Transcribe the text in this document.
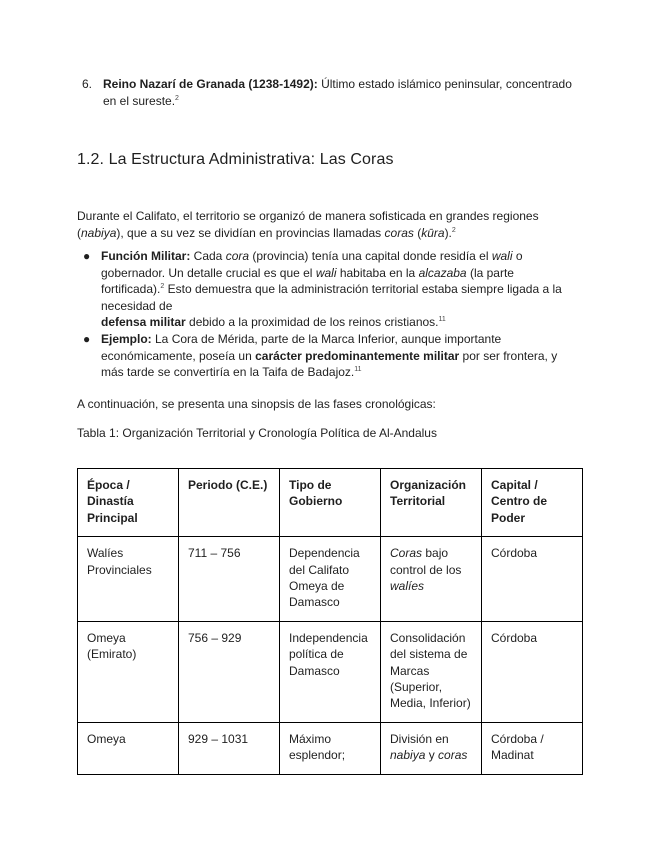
6. Reino Nazarí de Granada (1238-1492): Último estado islámico peninsular, concentrado en el sureste.$^2$

1.2. La Estructura Administrativa: Las Coras

Durante el Califato, el territorio se organizó de manera sofisticada en grandes regiones (nabiya), que a su vez se dividían en provincias llamadas coras (kūra).$^2$

● Función Militar: Cada cora (provincia) tenía una capital donde residía el wali o gobernador. Un detalle crucial es que el wali habitaba en la alcazaba (la parte fortificada).$^2$ Esto demuestra que la administración territorial estaba siempre ligada a la necesidad de
defensa militar debido a la proximidad de los reinos cristianos.$^{11}$
● Ejemplo: La Cora de Mérida, parte de la Marca Inferior, aunque importante económicamente, poseía un carácter predominantemente militar por ser frontera, y más tarde se convertiría en la Taifa de Badajoz.$^{11}$

A continuación, se presenta una sinopsis de las fases cronológicas:

Tabla 1: Organización Territorial y Cronología Política de Al-Andalus

Época / Dinastía Principal	Periodo (C.E.)	Tipo de Gobierno	Organización Territorial	Capital / Centro de Poder
Walíes Provinciales	711 – 756	Dependencia del Califato Omeya de Damasco	Coras bajo control de los walíes	Córdoba
Omeya (Emirato)	756 – 929	Independencia política de Damasco	Consolidación del sistema de Marcas (Superior, Media, Inferior)	Córdoba
Omeya	929 – 1031	Máximo esplendor;	División en nabiya y coras	Córdoba / Madinat
